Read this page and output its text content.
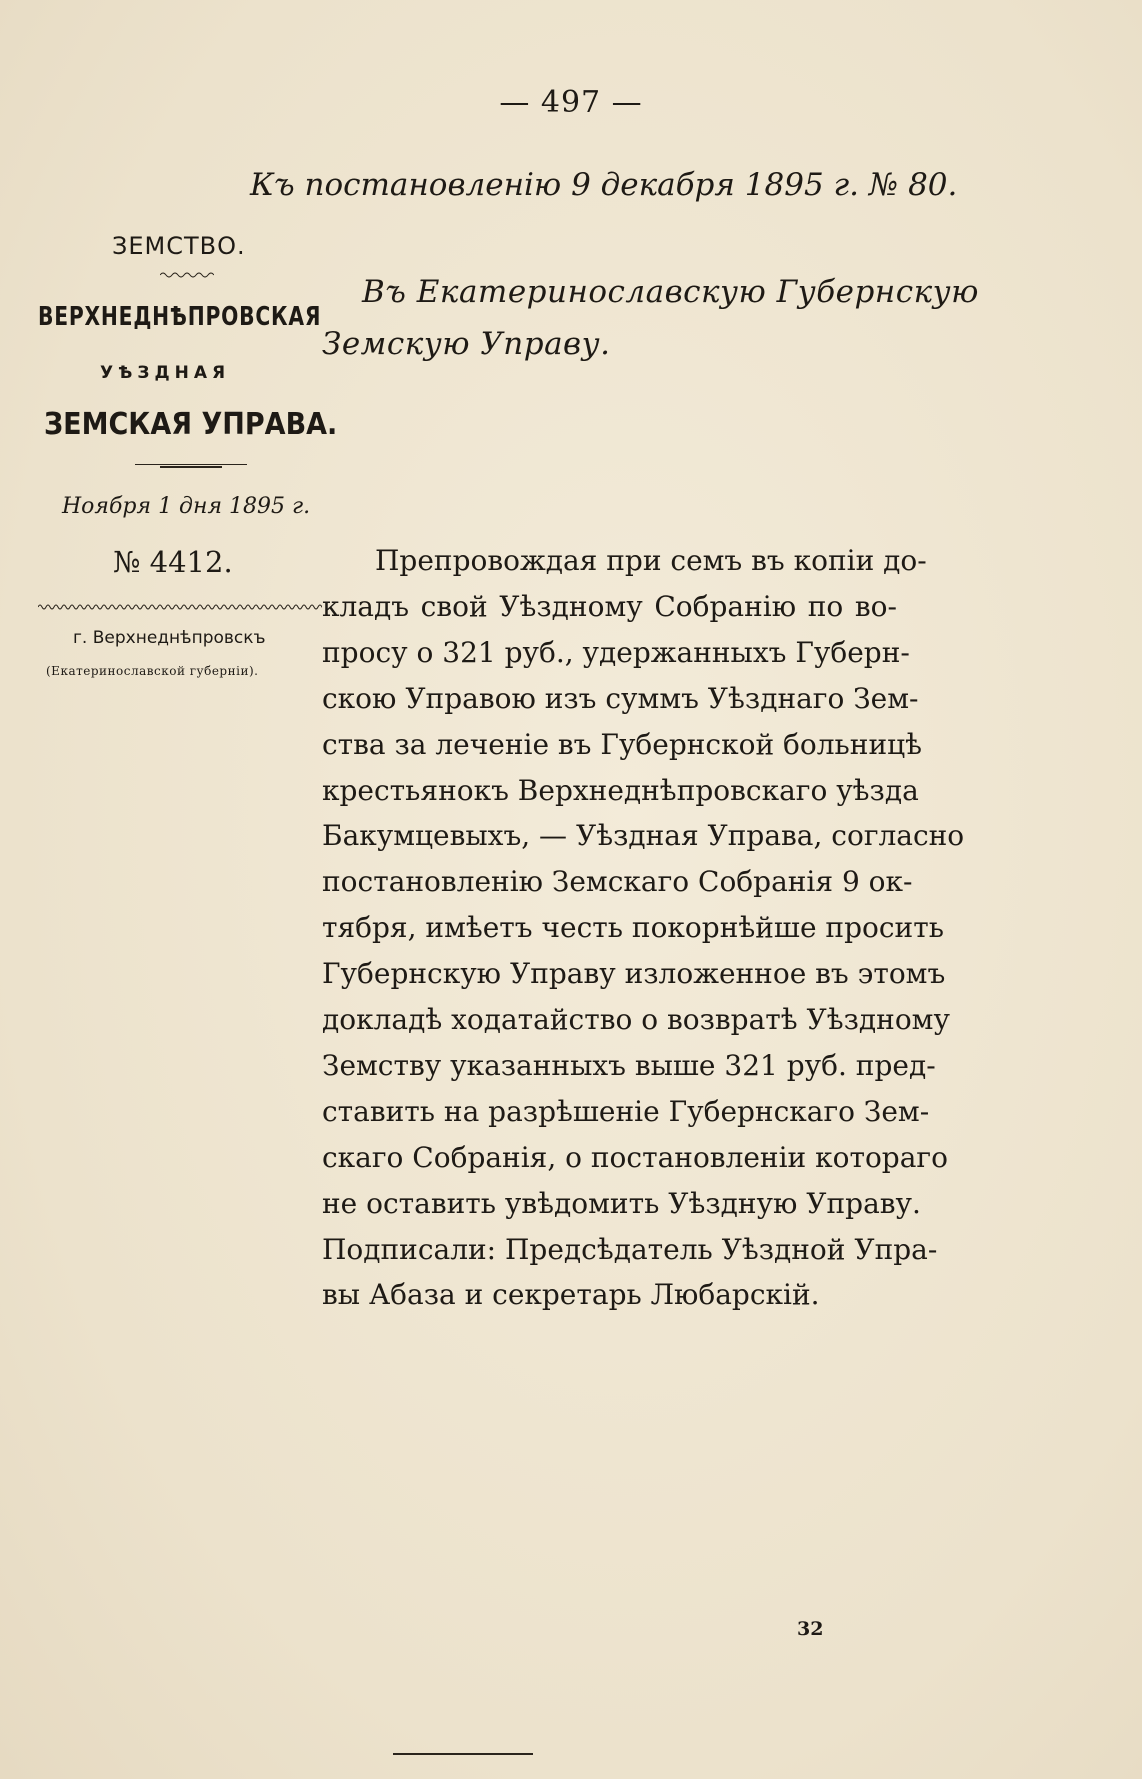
— 497 —
Къ постановленію 9 декабря 1895 г. № 80.
ЗЕМСТВО.
ВЕРХНЕДНѢПРОВСКАЯ
УѢЗДНАЯ
ЗЕМСКАЯ УПРАВА.
Ноября 1 дня 1895 г.
№ 4412.
г. Верхнеднѣпровскъ
(Екатеринославской губерніи).
Въ Екатеринославскую Губернскую
Земскую Управу.
Препровождая при семъ въ копіи до-
кладъ свой Уѣздному Собранію по во-
просу о 321 руб., удержанныхъ Губерн-
скою Управою изъ суммъ Уѣзднаго Зем-
ства за леченіе въ Губернской больницѣ
крестьянокъ Верхнеднѣпровскаго уѣзда
Бакумцевыхъ, — Уѣздная Управа, согласно
постановленію Земскаго Собранія 9 ок-
тября, имѣетъ честь покорнѣйше просить
Губернскую Управу изложенное въ этомъ
докладѣ ходатайство о возвратѣ Уѣздному
Земству указанныхъ выше 321 руб. пред-
ставить на разрѣшеніе Губернскаго Зем-
скаго Собранія, о постановленіи котораго
не оставить увѣдомить Уѣздную Управу.
Подписали: Предсѣдатель Уѣздной Упра-
вы Абаза и секретарь Любарскій.
32
